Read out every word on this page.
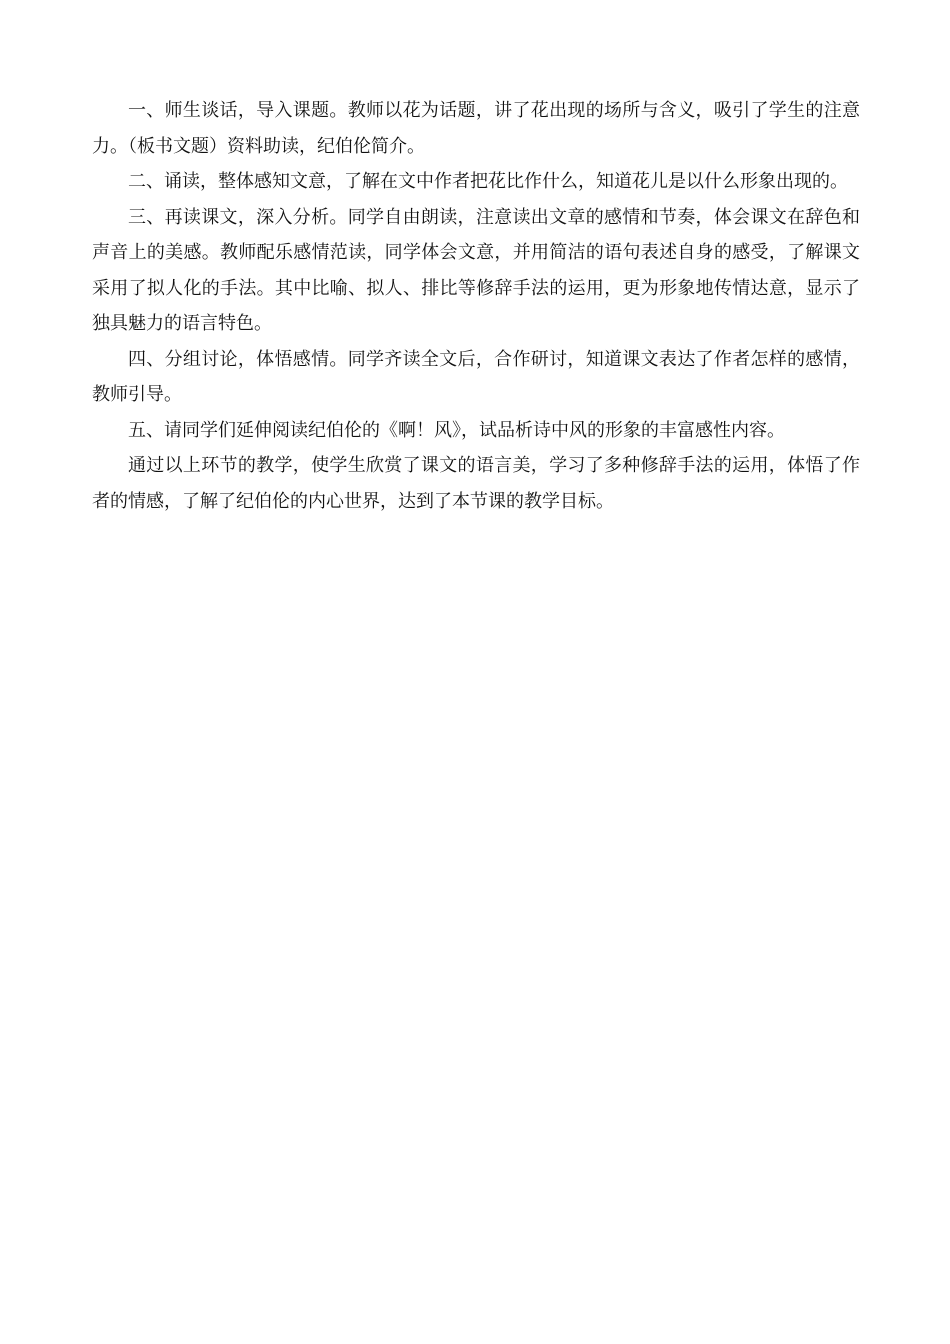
一、师生谈话，导入课题。教师以花为话题，讲了花出现的场所与含义，吸引了学生的注意力。（板书文题）资料助读，纪伯伦简介。

二、诵读，整体感知文意，了解在文中作者把花比作什么，知道花儿是以什么形象出现的。

三、再读课文，深入分析。同学自由朗读，注意读出文章的感情和节奏，体会课文在辞色和声音上的美感。教师配乐感情范读，同学体会文意，并用简洁的语句表述自身的感受，了解课文采用了拟人化的手法。其中比喻、拟人、排比等修辞手法的运用，更为形象地传情达意，显示了独具魅力的语言特色。

四、分组讨论，体悟感情。同学齐读全文后，合作研讨，知道课文表达了作者怎样的感情，教师引导。

五、请同学们延伸阅读纪伯伦的《啊！风》，试品析诗中风的形象的丰富感性内容。

通过以上环节的教学，使学生欣赏了课文的语言美，学习了多种修辞手法的运用，体悟了作者的情感，了解了纪伯伦的内心世界，达到了本节课的教学目标。
